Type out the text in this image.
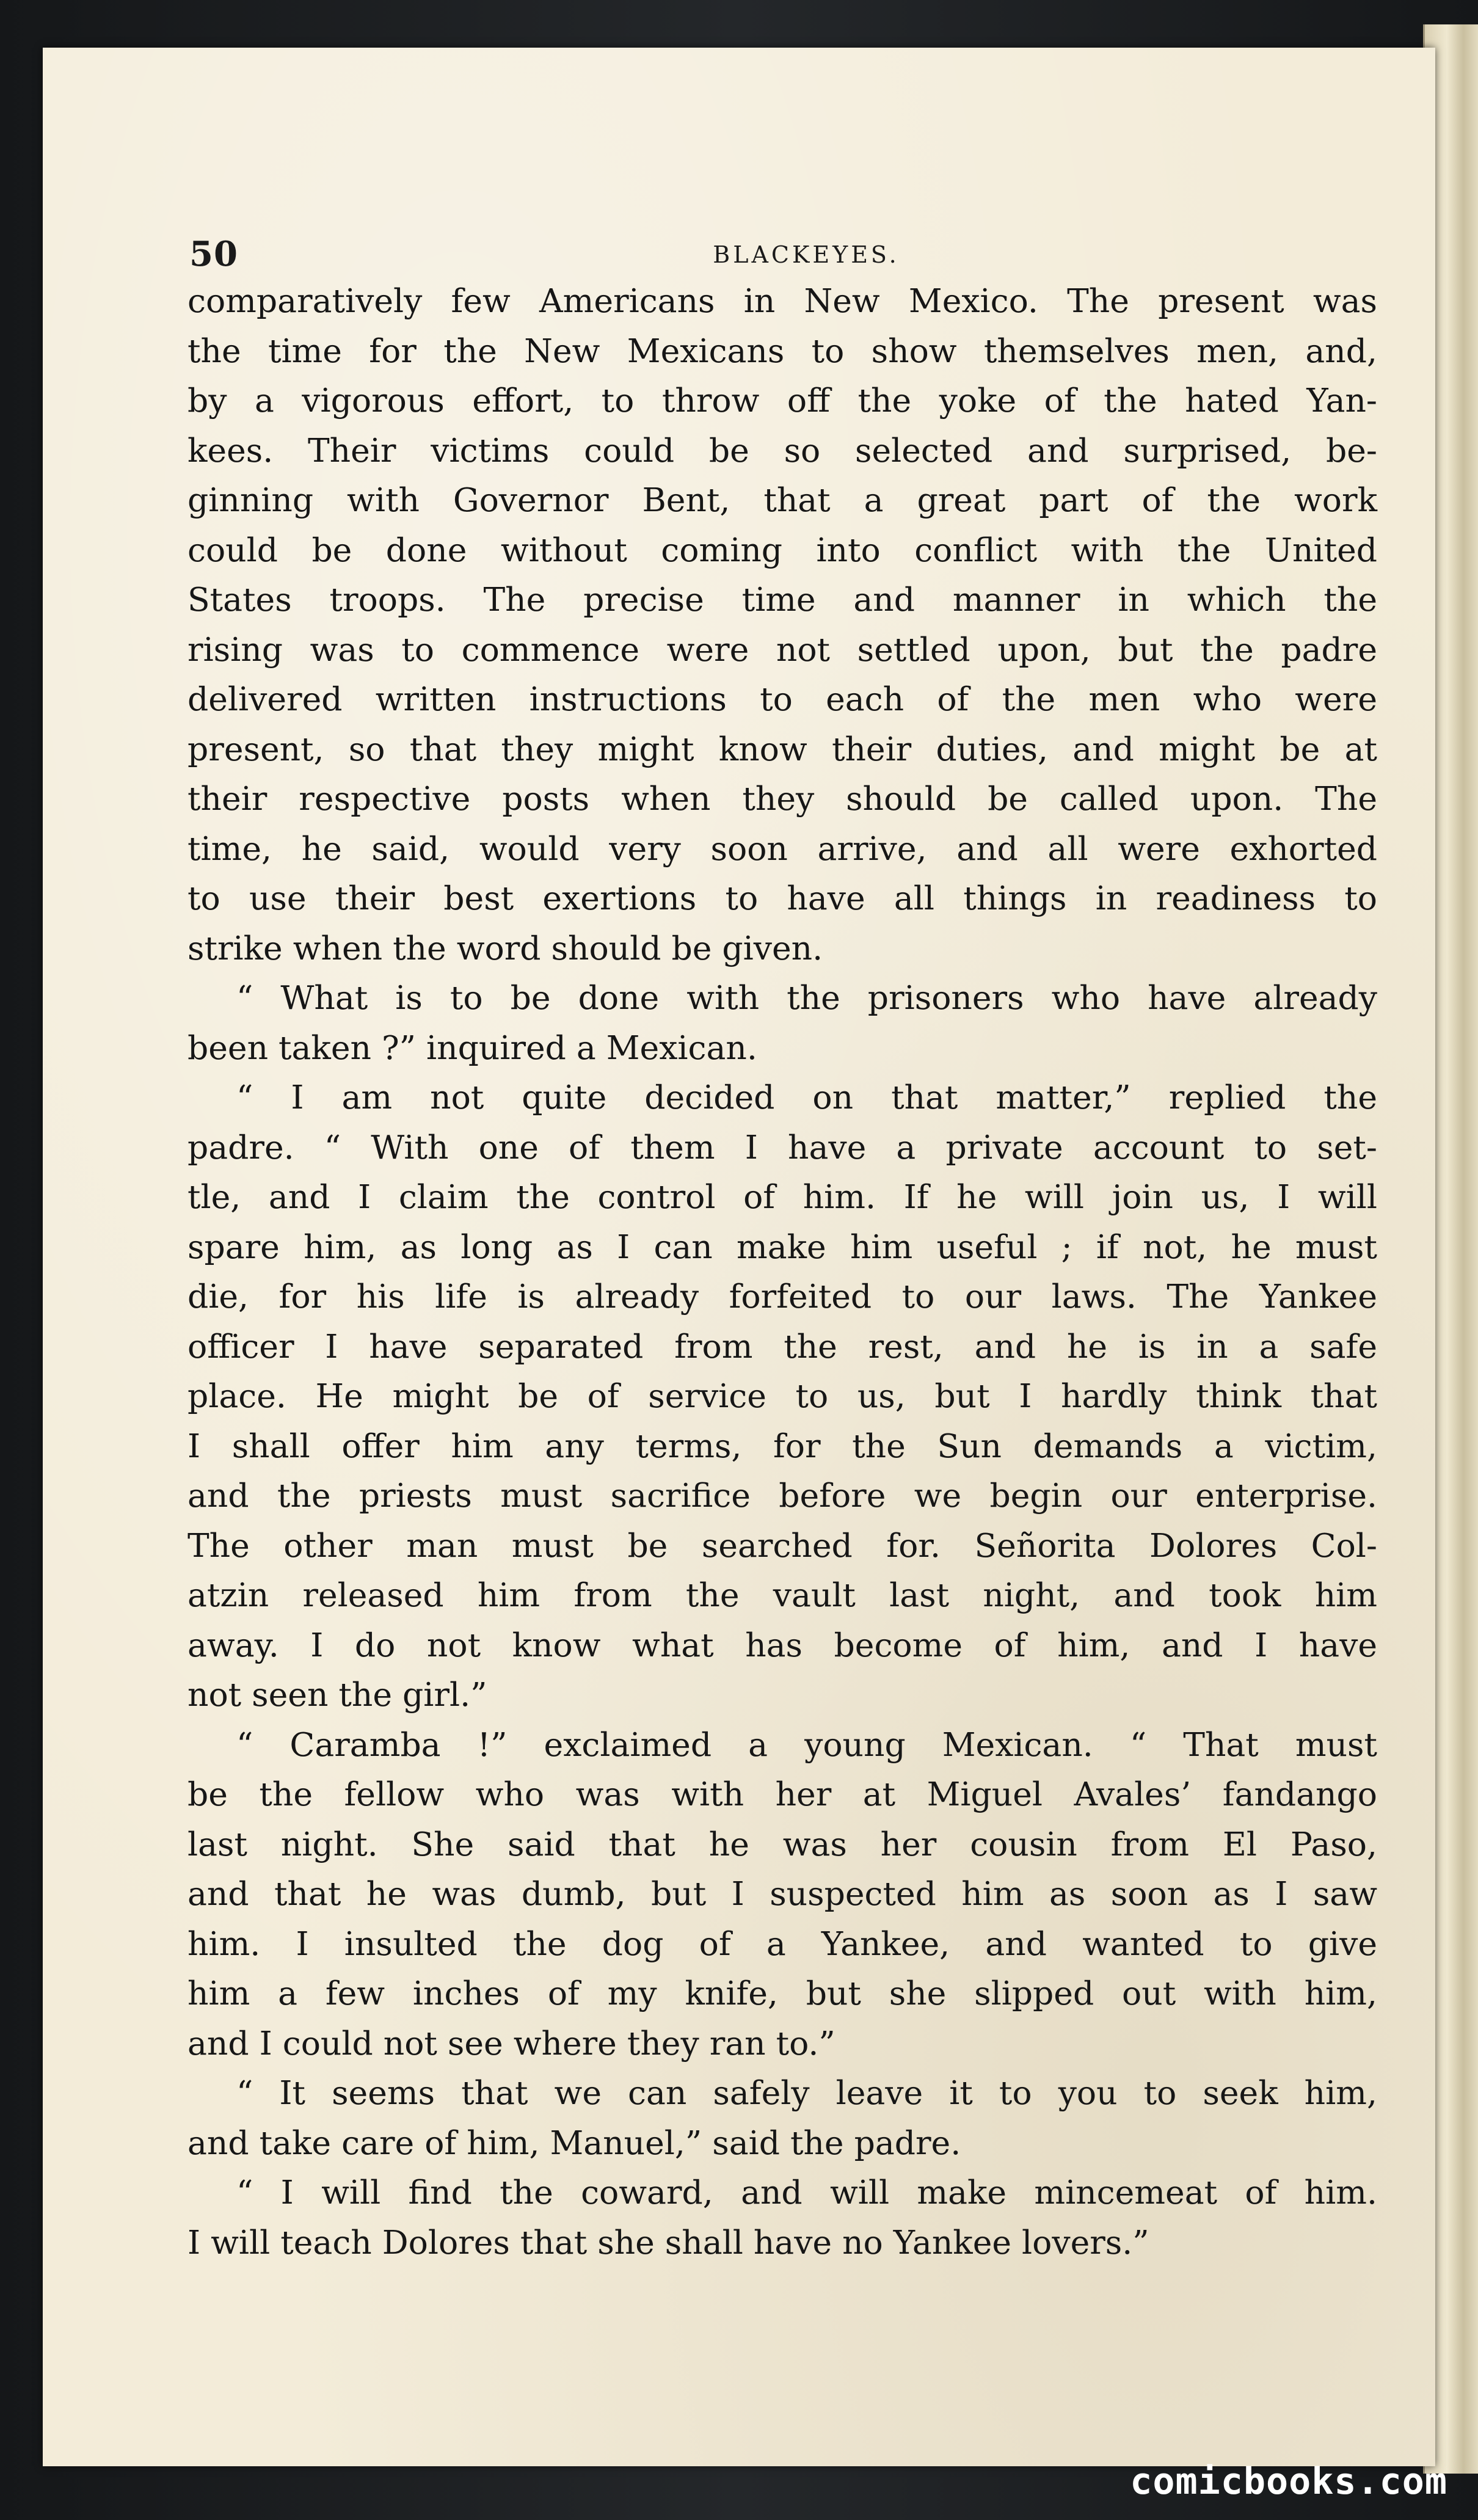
50	BLACKEYES.
comparatively few Americans in New Mexico. The present was
the time for the New Mexicans to show themselves men, and,
by a vigorous effort, to throw off the yoke of the hated Yan-
kees. Their victims could be so selected and surprised, be-
ginning with Governor Bent, that a great part of the work
could be done without coming into conflict with the United
States troops. The precise time and manner in which the
rising was to commence were not settled upon, but the padre
delivered written instructions to each of the men who were
present, so that they might know their duties, and might be at
their respective posts when they should be called upon. The
time, he said, would very soon arrive, and all were exhorted
to use their best exertions to have all things in readiness to
strike when the word should be given.
“ What is to be done with the prisoners who have already
been taken ?” inquired a Mexican.
“ I am not quite decided on that matter,” replied the
padre. “ With one of them I have a private account to set-
tle, and I claim the control of him. If he will join us, I will
spare him, as long as I can make him useful ; if not, he must
die, for his life is already forfeited to our laws. The Yankee
officer I have separated from the rest, and he is in a safe
place. He might be of service to us, but I hardly think that
I shall offer him any terms, for the Sun demands a victim,
and the priests must sacrifice before we begin our enterprise.
The other man must be searched for. Señorita Dolores Col-
atzin released him from the vault last night, and took him
away. I do not know what has become of him, and I have
not seen the girl.”
“ Caramba !” exclaimed a young Mexican. “ That must
be the fellow who was with her at Miguel Avales’ fandango
last night. She said that he was her cousin from El Paso,
and that he was dumb, but I suspected him as soon as I saw
him. I insulted the dog of a Yankee, and wanted to give
him a few inches of my knife, but she slipped out with him,
and I could not see where they ran to.”
“ It seems that we can safely leave it to you to seek him,
and take care of him, Manuel,” said the padre.
“ I will find the coward, and will make mincemeat of him.
I will teach Dolores that she shall have no Yankee lovers.”
comicbooks.com
